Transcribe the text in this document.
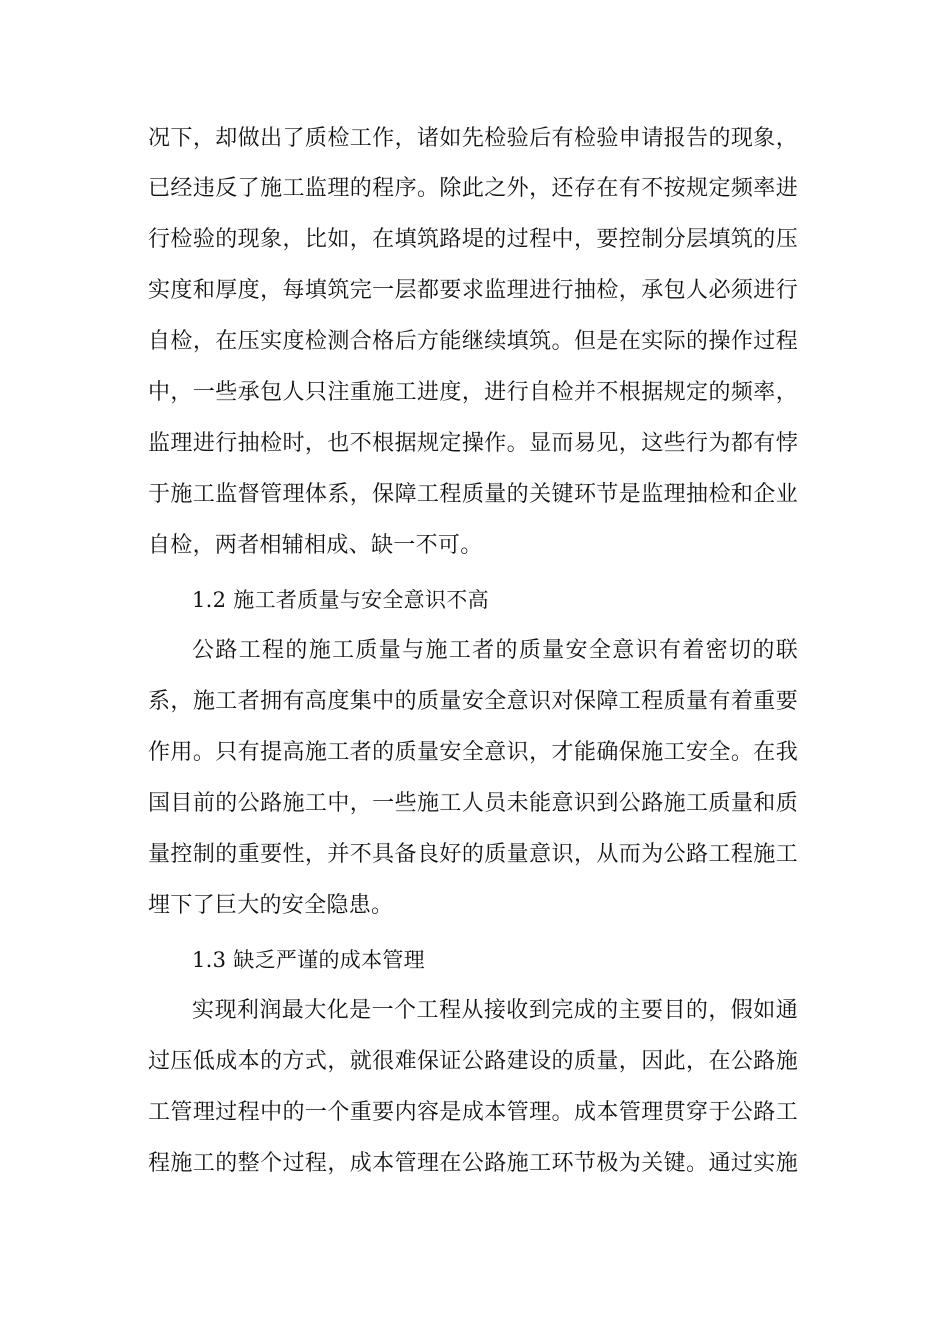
况下，却做出了质检工作，诸如先检验后有检验申请报告的现象，
已经违反了施工监理的程序。除此之外，还存在有不按规定频率进
行检验的现象，比如，在填筑路堤的过程中，要控制分层填筑的压
实度和厚度，每填筑完一层都要求监理进行抽检，承包人必须进行
自检，在压实度检测合格后方能继续填筑。但是在实际的操作过程
中，一些承包人只注重施工进度，进行自检并不根据规定的频率，
监理进行抽检时，也不根据规定操作。显而易见，这些行为都有悖
于施工监督管理体系，保障工程质量的关键环节是监理抽检和企业
自检，两者相辅相成、缺一不可。
1.2 施工者质量与安全意识不高
公路工程的施工质量与施工者的质量安全意识有着密切的联
系，施工者拥有高度集中的质量安全意识对保障工程质量有着重要
作用。只有提高施工者的质量安全意识，才能确保施工安全。在我
国目前的公路施工中，一些施工人员未能意识到公路施工质量和质
量控制的重要性，并不具备良好的质量意识，从而为公路工程施工
埋下了巨大的安全隐患。
1.3 缺乏严谨的成本管理
实现利润最大化是一个工程从接收到完成的主要目的，假如通
过压低成本的方式，就很难保证公路建设的质量，因此，在公路施
工管理过程中的一个重要内容是成本管理。成本管理贯穿于公路工
程施工的整个过程，成本管理在公路施工环节极为关键。通过实施
